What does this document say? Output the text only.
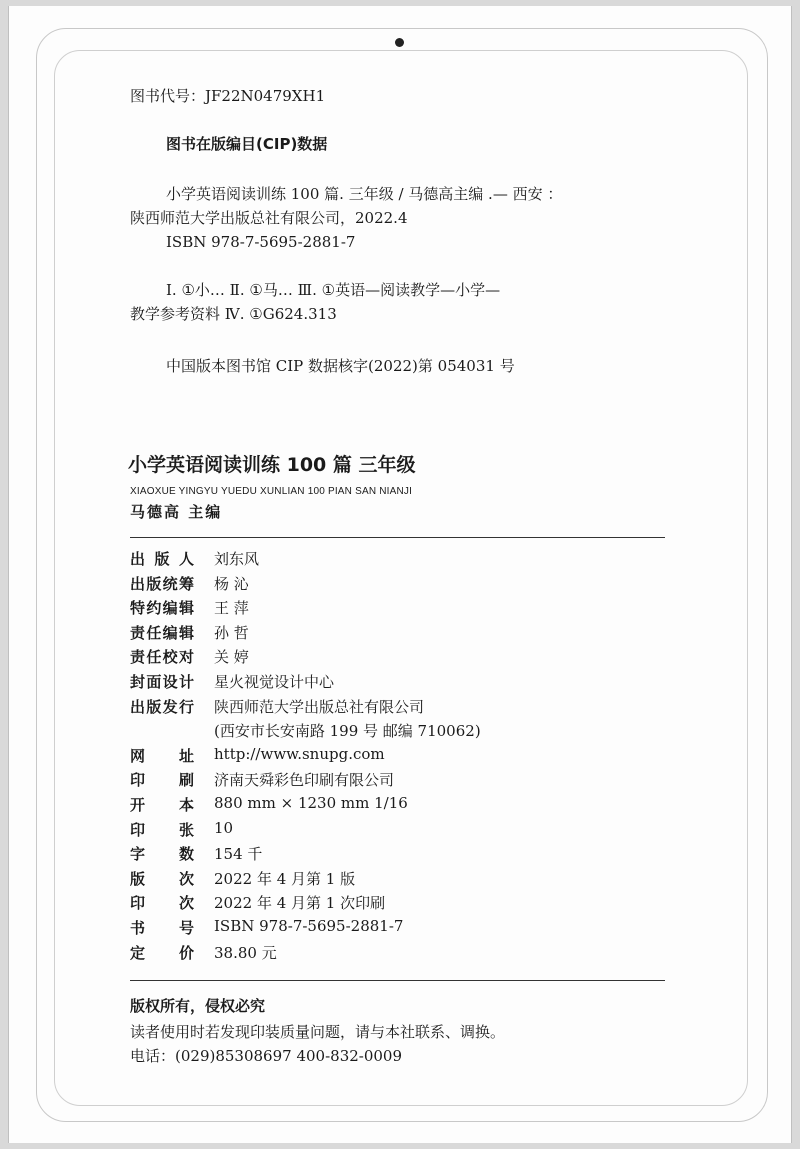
图书代号：JF22N0479XH1
图书在版编目(CIP)数据
小学英语阅读训练 100 篇. 三年级 / 马德高主编 .— 西安 ：
陕西师范大学出版总社有限公司，2022.4
ISBN 978-7-5695-2881-7
Ⅰ. ①小… Ⅱ. ①马… Ⅲ. ①英语—阅读教学—小学—
教学参考资料 Ⅳ. ①G624.313
中国版本图书馆 CIP 数据核字(2022)第 054031 号
小学英语阅读训练 100 篇 三年级
XIAOXUE YINGYU YUEDU XUNLIAN 100 PIAN SAN NIANJI
马德高 主编
出 版 人 刘东风
出版统筹 杨 沁
特约编辑 王 萍
责任编辑 孙 哲
责任校对 关 婷
封面设计 星火视觉设计中心
出版发行 陕西师范大学出版总社有限公司
(西安市长安南路 199 号 邮编 710062)
网 址 http://www.snupg.com
印 刷 济南天舜彩色印刷有限公司
开 本 880 mm × 1230 mm 1/16
印 张 10
字 数 154 千
版 次 2022 年 4 月第 1 版
印 次 2022 年 4 月第 1 次印刷
书 号 ISBN 978-7-5695-2881-7
定 价 38.80 元
版权所有，侵权必究
读者使用时若发现印装质量问题，请与本社联系、调换。
电话：(029)85308697 400-832-0009
